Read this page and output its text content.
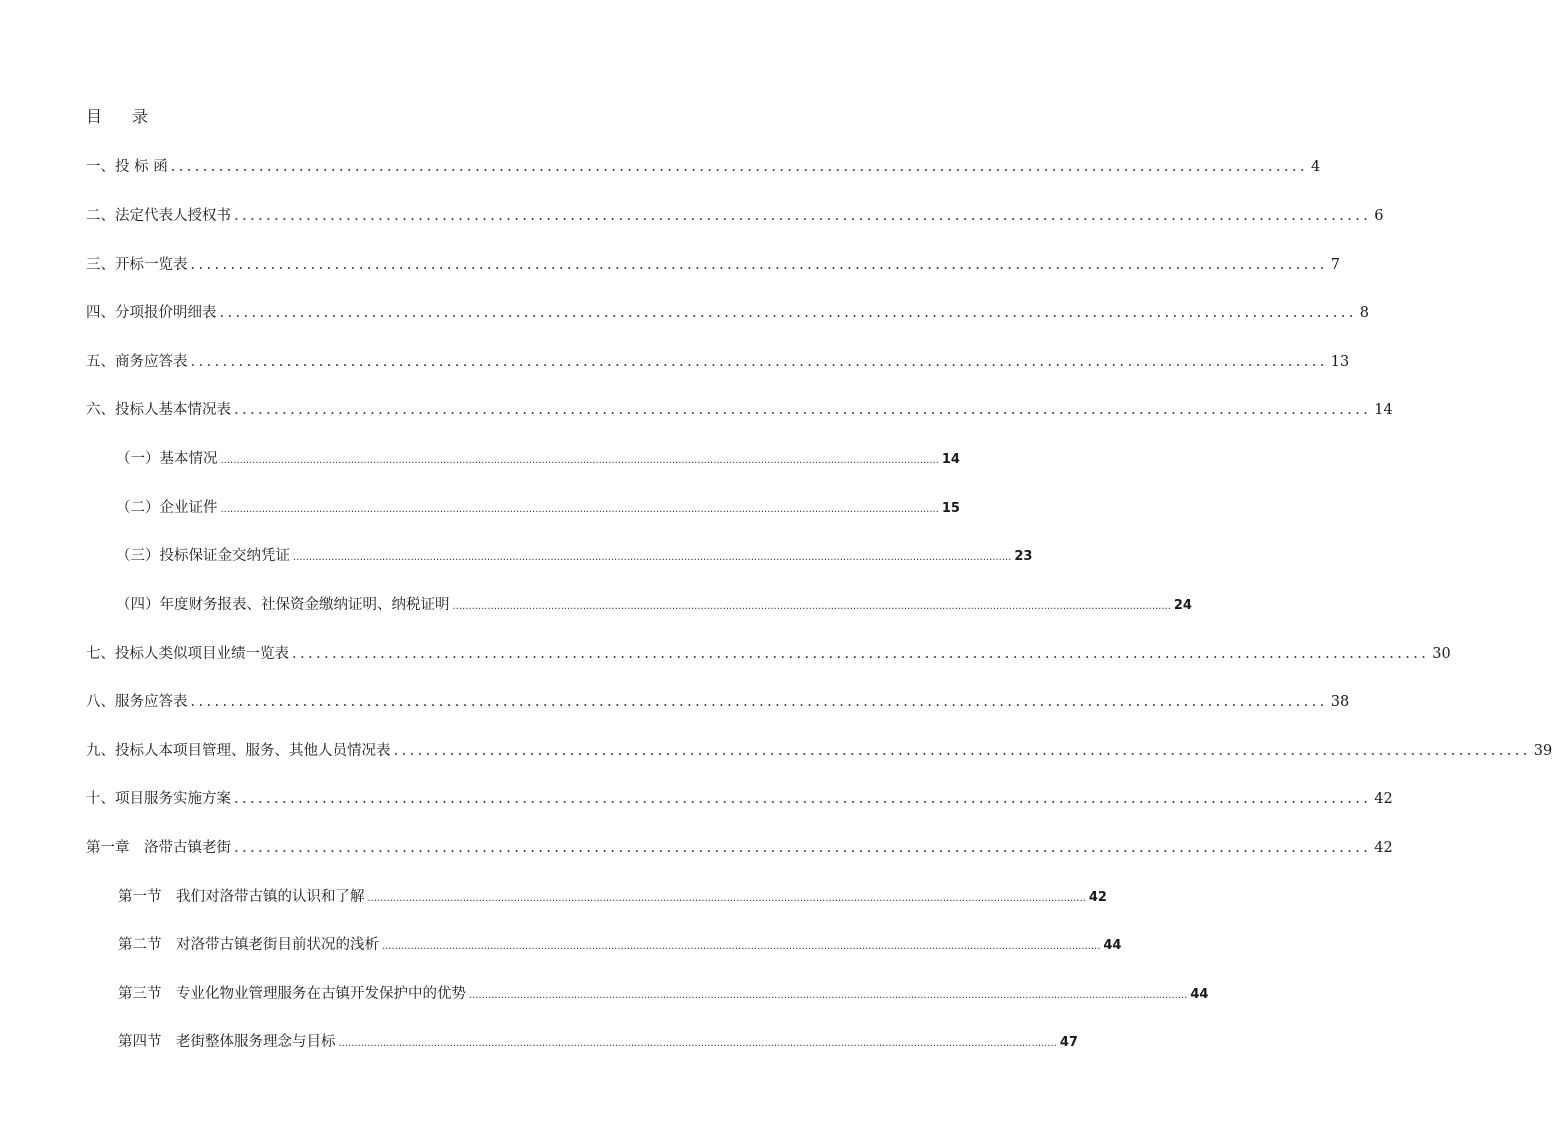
目 录
一、投 标 函 .............................................................................................................................................. 4
二、法定代表人授权书 .............................................................................................................................................. 6
三、开标一览表 .............................................................................................................................................. 7
四、分项报价明细表 .............................................................................................................................................. 8
五、商务应答表 .............................................................................................................................................. 13
六、投标人基本情况表 .............................................................................................................................................. 14
（一）基本情况 .................................................................................................................................................................................................................................. 14
（二）企业证件 .................................................................................................................................................................................................................................. 15
（三）投标保证金交纳凭证 .................................................................................................................................................................................................................................. 23
（四）年度财务报表、社保资金缴纳证明、纳税证明 .................................................................................................................................................................................................................................. 24
七、投标人类似项目业绩一览表 .............................................................................................................................................. 30
八、服务应答表 .............................................................................................................................................. 38
九、投标人本项目管理、服务、其他人员情况表 .............................................................................................................................................. 39
十、项目服务实施方案 .............................................................................................................................................. 42
第一章　洛带古镇老街 .............................................................................................................................................. 42
第一节　我们对洛带古镇的认识和了解 .................................................................................................................................................................................................................................. 42
第二节　对洛带古镇老街目前状况的浅析 .................................................................................................................................................................................................................................. 44
第三节　专业化物业管理服务在古镇开发保护中的优势 .................................................................................................................................................................................................................................. 44
第四节　老街整体服务理念与目标 .................................................................................................................................................................................................................................. 47
